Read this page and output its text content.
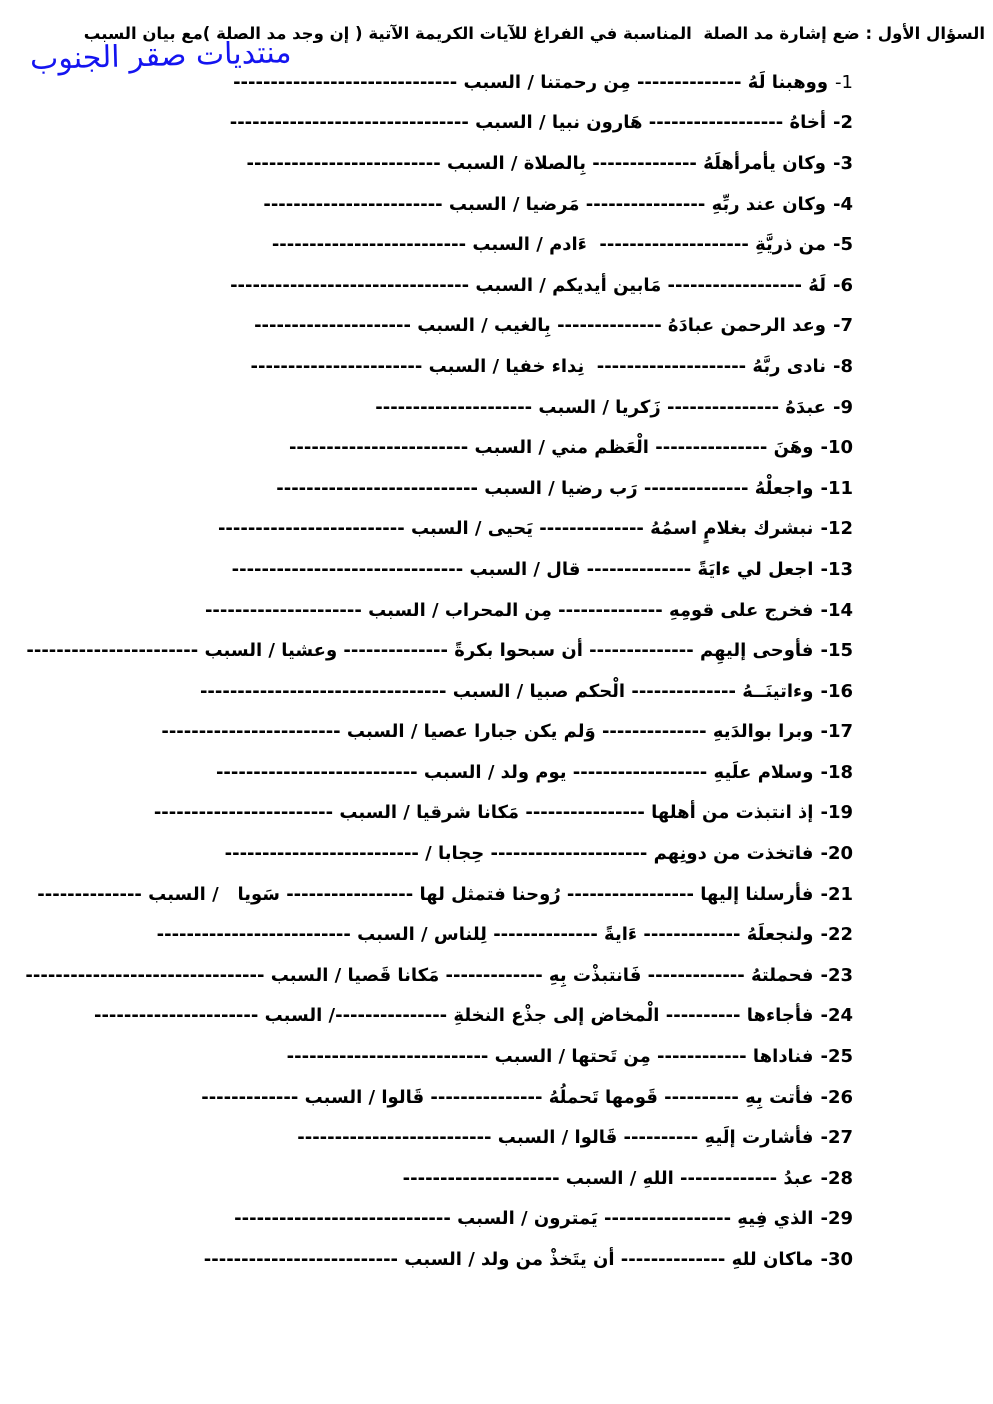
السؤال الأول : ضع إشارة مد الصلة  المناسبة في الفراغ للآيات الكريمة الآتية ( إن وجد مد الصلة )مع بيان السبب
منتديات صقر الجنوب
1-
ووهبنا لَهُ -------------- مِن رحمتنا / السبب ------------------------------
2-
أخاهُ ------------------ هَارون نبيا / السبب --------------------------------
3-
وكان يأمرأهلَهُ -------------- بِالصلاة / السبب --------------------------
4-
وكان عند ربِّهِ ---------------- مَرضيا / السبب ------------------------
5-
من ذريَّةِ --------------------  ءَادم / السبب --------------------------
6-
لَهُ ------------------ مَابين أيديكم / السبب --------------------------------
7-
وعد الرحمن عبادَهُ -------------- بِالغيب / السبب ---------------------
8-
نادى ربَّهُ --------------------  نِداء خفيا / السبب -----------------------
9-
عبدَهُ --------------- زَكريا / السبب ---------------------
10-
وهَنَ --------------- الْعَظم مني / السبب ------------------------
11-
واجعلْهُ -------------- رَب رضيا / السبب ---------------------------
12-
نبشرك بغلامٍ اسمُهُ -------------- يَحيى / السبب -------------------------
13-
اجعل لي ءايَةً -------------- قال / السبب -------------------------------
14-
فخرج على قومِهِ -------------- مِن المحراب / السبب ---------------------
15-
فأوحى إليهِم -------------- أن سبحوا بكرةً -------------- وعشيا / السبب -----------------------
16-
وءاتينَــهُ -------------- الْحكم صبيا / السبب ---------------------------------
17-
وبرا بوالدَيهِ -------------- وَلم يكن جبارا عصيا / السبب ------------------------
18-
وسلام علَيهِ ------------------ يوم ولد / السبب ---------------------------
19-
إذ انتبذت من أهلها ---------------- مَكانا شرقيا / السبب ------------------------
20-
فاتخذت من دونِهم --------------------- حِجابا / --------------------------
21-
فأرسلنا إليها ----------------- رُوحنا فتمثل لها ----------------- سَويا   / السبب --------------
22-
ولنجعلَهُ ------------- ءَايةً -------------- لِلناس / السبب --------------------------
23-
فحملتهُ ------------- فَانتبذْت بِهِ ------------- مَكانا قَصيا / السبب --------------------------------
24-
فأجاءها ---------- الْمخاض إلى جذْع النخلةِ ---------------/ السبب ----------------------
25-
فناداها ------------ مِن تَحتها / السبب ---------------------------
26-
فأتت بِهِ ---------- قَومها تَحملُهُ --------------- قَالوا / السبب -------------
27-
فأشارت إلَيهِ ---------- قَالوا / السبب --------------------------
28-
عبدُ ------------- اللهِ / السبب ---------------------
29-
الذي فِيهِ ----------------- يَمترون / السبب -----------------------------
30-
ماكان للهِ -------------- أن يتَخذْ من ولد / السبب --------------------------
